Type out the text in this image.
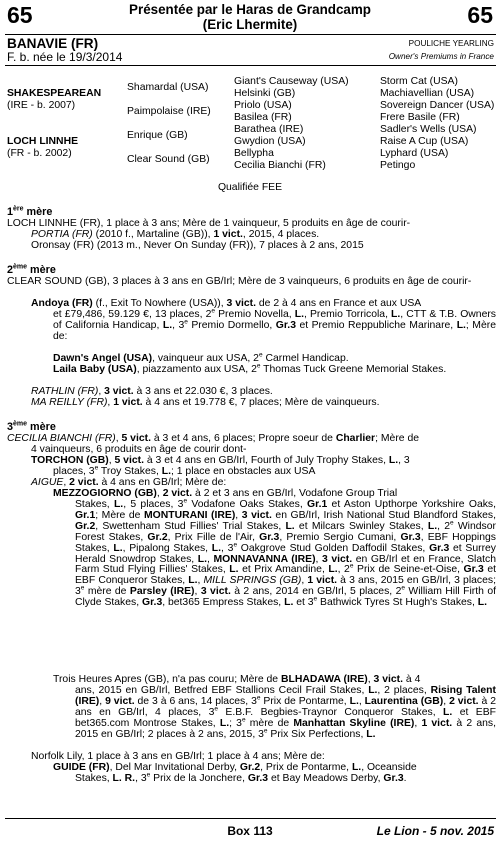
65	65
Présentée par le Haras de Grandcamp
(Eric Lhermite)
BANAVIE (FR)
F. b. née le 19/3/2014
POULICHE YEARLING
Owner's Premiums in France
SHAKESPEAREAN
(IRE - b. 2007)
LOCH LINNHE
(FR - b. 2002)
Shamardal (USA)
Paimpolaise (IRE)
Enrique (GB)
Clear Sound (GB)
Giant's Causeway (USA)
Helsinki (GB)
Priolo (USA)
Basilea (FR)
Barathea (IRE)
Gwydion (USA)
Bellypha
Cecilia Bianchi (FR)
Storm Cat (USA)
Machiavellian (USA)
Sovereign Dancer (USA)
Frere Basile (FR)
Sadler's Wells (USA)
Raise A Cup (USA)
Lyphard (USA)
Petingo
Qualifiée FEE
1ère mère
LOCH LINNHE (FR), 1 place à 3 ans; Mère de 1 vainqueur, 5 produits en âge de courir-
PORTIA (FR) (2010 f., Martaline (GB)), 1 vict., 2015, 4 places.
Oronsay (FR) (2013 m., Never On Sunday (FR)), 7 places à 2 ans, 2015
2ème mère
CLEAR SOUND (GB), 3 places à 3 ans en GB/Irl; Mère de 3 vainqueurs, 6 produits en âge de courir-
Andoya (FR) (f., Exit To Nowhere (USA)), 3 vict. de 2 à 4 ans en France et aux USA
et £79,486, 59.129 €, 13 places, 2e Premio Novella, L., Premio Torricola, L., CTT & T.B. Owners of California Handicap, L., 3e Premio Dormello, Gr.3 et Premio Reppubliche Marinare, L.; Mère de:
Dawn's Angel (USA), vainqueur aux USA, 2e Carmel Handicap.
Laila Baby (USA), piazzamento aux USA, 2e Thomas Tuck Greene Memorial Stakes.
RATHLIN (FR), 3 vict. à 3 ans et 22.030 €, 3 places.
MA REILLY (FR), 1 vict. à 4 ans et 19.778 €, 7 places; Mère de vainqueurs.
3ème mère
CECILIA BIANCHI (FR), 5 vict. à 3 et 4 ans, 6 places; Propre soeur de Charlier; Mère de
4 vainqueurs, 6 produits en âge de courir dont-
TORCHON (GB), 5 vict. à 3 et 4 ans en GB/Irl, Fourth of July Trophy Stakes, L., 3
places, 3e Troy Stakes, L.; 1 place en obstacles aux USA
AIGUE, 2 vict. à 4 ans en GB/Irl; Mère de:
MEZZOGIORNO (GB), 2 vict. à 2 et 3 ans en GB/Irl, Vodafone Group Trial
Stakes, L., 5 places, 3e Vodafone Oaks Stakes, Gr.1 et Aston Upthorpe Yorkshire Oaks, Gr.1; Mère de MONTURANI (IRE), 3 vict. en GB/Irl, Irish National Stud Blandford Stakes, Gr.2, Swettenham Stud Fillies' Trial Stakes, L. et Milcars Swinley Stakes, L., 2e Windsor Forest Stakes, Gr.2, Prix Fille de l'Air, Gr.3, Premio Sergio Cumani, Gr.3, EBF Hoppings Stakes, L., Pipalong Stakes, L., 3e Oakgrove Stud Golden Daffodil Stakes, Gr.3 et Surrey Herald Snowdrop Stakes, L., MONNAVANNA (IRE), 3 vict. en GB/Irl et en France, Slatch Farm Stud Flying Fillies' Stakes, L. et Prix Amandine, L., 2e Prix de Seine-et-Oise, Gr.3 et EBF Conqueror Stakes, L., MILL SPRINGS (GB), 1 vict. à 3 ans, 2015 en GB/Irl, 3 places; 3e mère de Parsley (IRE), 3 vict. à 2 ans, 2014 en GB/Irl, 5 places, 2e William Hill Firth of Clyde Stakes, Gr.3, bet365 Empress Stakes, L. et 3e Bathwick Tyres St Hugh's Stakes, L.
Trois Heures Apres (GB), n'a pas couru; Mère de BLHADAWA (IRE), 3 vict. à 4
ans, 2015 en GB/Irl, Betfred EBF Stallions Cecil Frail Stakes, L., 2 places, Rising Talent (IRE), 9 vict. de 3 à 6 ans, 14 places, 3e Prix de Pontarme, L., Laurentina (GB), 2 vict. à 2 ans en GB/Irl, 4 places, 3e E.B.F. Begbies-Traynor Conqueror Stakes, L. et EBF bet365.com Montrose Stakes, L.; 3e mère de Manhattan Skyline (IRE), 1 vict. à 2 ans, 2015 en GB/Irl; 2 places à 2 ans, 2015, 3e Prix Six Perfections, L.
Norfolk Lily, 1 place à 3 ans en GB/Irl; 1 place à 4 ans; Mère de:
GUIDE (FR), Del Mar Invitational Derby, Gr.2, Prix de Pontarme, L., Oceanside
Stakes, L. R., 3e Prix de la Jonchere, Gr.3 et Bay Meadows Derby, Gr.3.
Box 113	Le Lion - 5 nov. 2015
